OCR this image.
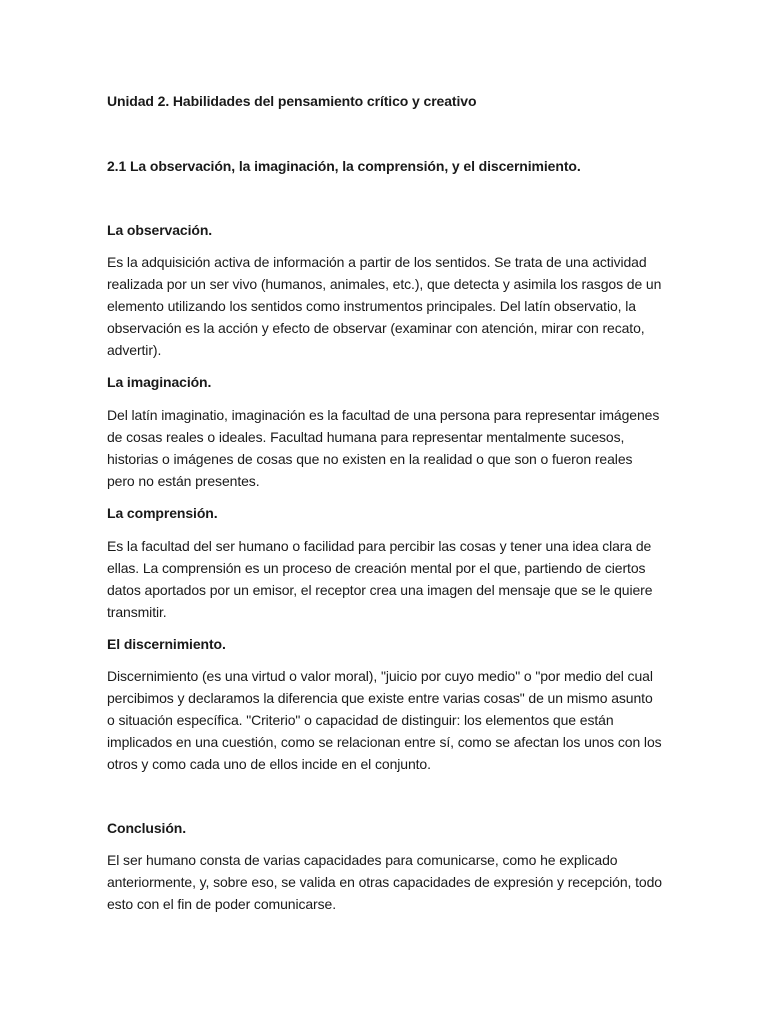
Unidad 2. Habilidades del pensamiento crítico y creativo

2.1 La observación, la imaginación, la comprensión, y el discernimiento.

La observación.

Es la adquisición activa de información a partir de los sentidos. Se trata de una actividad realizada por un ser vivo (humanos, animales, etc.), que detecta y asimila los rasgos de un elemento utilizando los sentidos como instrumentos principales. Del latín observatio, la observación es la acción y efecto de observar (examinar con atención, mirar con recato, advertir).

La imaginación.

Del latín imaginatio, imaginación es la facultad de una persona para representar imágenes de cosas reales o ideales. Facultad humana para representar mentalmente sucesos, historias o imágenes de cosas que no existen en la realidad o que son o fueron reales pero no están presentes.

La comprensión.

Es la facultad del ser humano o facilidad para percibir las cosas y tener una idea clara de ellas. La comprensión es un proceso de creación mental por el que, partiendo de ciertos datos aportados por un emisor, el receptor crea una imagen del mensaje que se le quiere transmitir.

El discernimiento.

Discernimiento (es una virtud o valor moral), "juicio por cuyo medio" o "por medio del cual percibimos y declaramos la diferencia que existe entre varias cosas" de un mismo asunto o situación específica. "Criterio" o capacidad de distinguir: los elementos que están implicados en una cuestión, como se relacionan entre sí, como se afectan los unos con los otros y como cada uno de ellos incide en el conjunto.

Conclusión.

El ser humano consta de varias capacidades para comunicarse, como he explicado anteriormente, y, sobre eso, se valida en otras capacidades de expresión y recepción, todo esto con el fin de poder comunicarse.
